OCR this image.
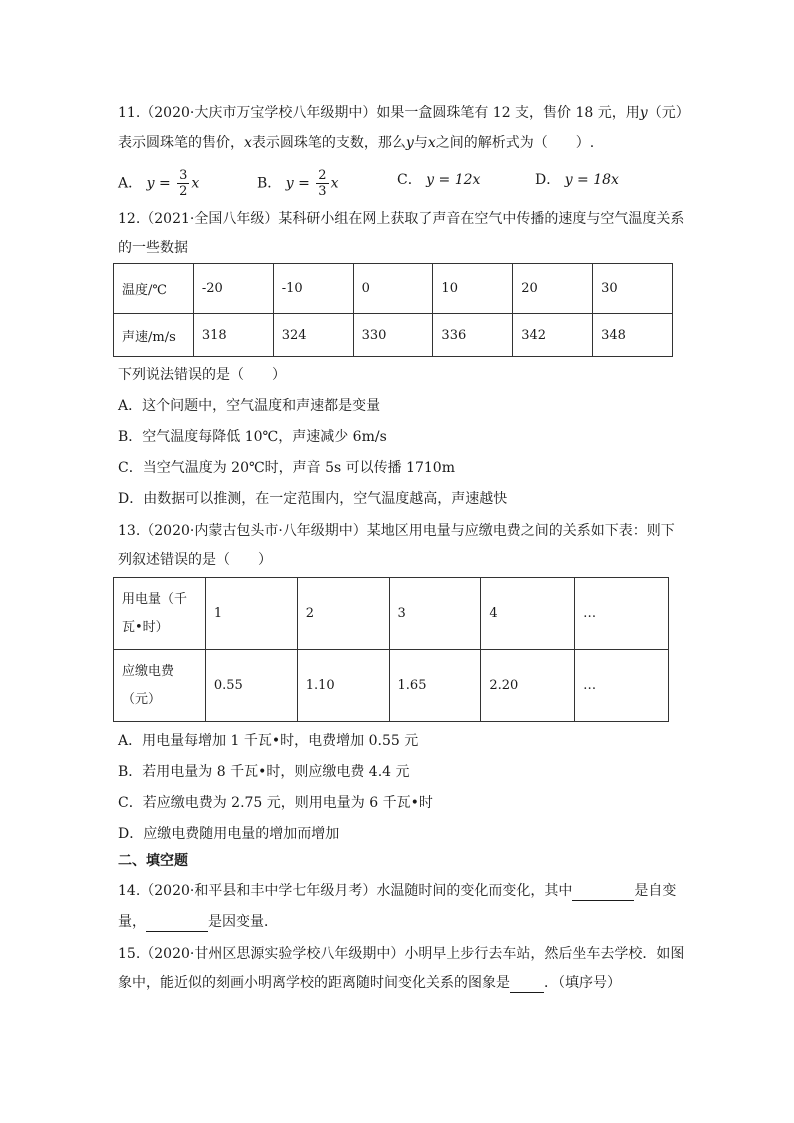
11.（2020·大庆市万宝学校八年级期中）如果一盒圆珠笔有 12 支，售价 18 元，用y（元）
表示圆珠笔的售价，x表示圆珠笔的支数，那么y与x之间的解析式为（　　）.
A． $y = \frac{3}{2}$ x	B． $y = \frac{2}{3}$ x	C． y = 12x	D． y = 18x
12.（2021·全国八年级）某科研小组在网上获取了声音在空气中传播的速度与空气温度关系
的一些数据
温度/℃	-20	-10	0	10	20	30
声速/m/s	318	324	330	336	342	348
下列说法错误的是（　　）
A．这个问题中，空气温度和声速都是变量
B．空气温度每降低 10℃，声速减少 6m/s
C．当空气温度为 20℃时，声音 5s 可以传播 1710m
D．由数据可以推测，在一定范围内，空气温度越高，声速越快
13.（2020·内蒙古包头市·八年级期中）某地区用电量与应缴电费之间的关系如下表：则下
列叙述错误的是（　　）
用电量（千
瓦•时）	1	2	3	4	…

应缴电费
（元）	0.55	1.10	1.65	2.20	…
A．用电量每增加 1 千瓦•时，电费增加 0.55 元
B．若用电量为 8 千瓦•时，则应缴电费 4.4 元
C．若应缴电费为 2.75 元，则用电量为 6 千瓦•时
D．应缴电费随用电量的增加而增加
二、填空题
14.（2020·和平县和丰中学七年级月考）水温随时间的变化而变化，其中	是自变
量，	是因变量．
15.（2020·甘州区思源实验学校八年级期中）小明早上步行去车站，然后坐车去学校．如图
象中，能近似的刻画小明离学校的距离随时间变化关系的图象是 ．（填序号）
